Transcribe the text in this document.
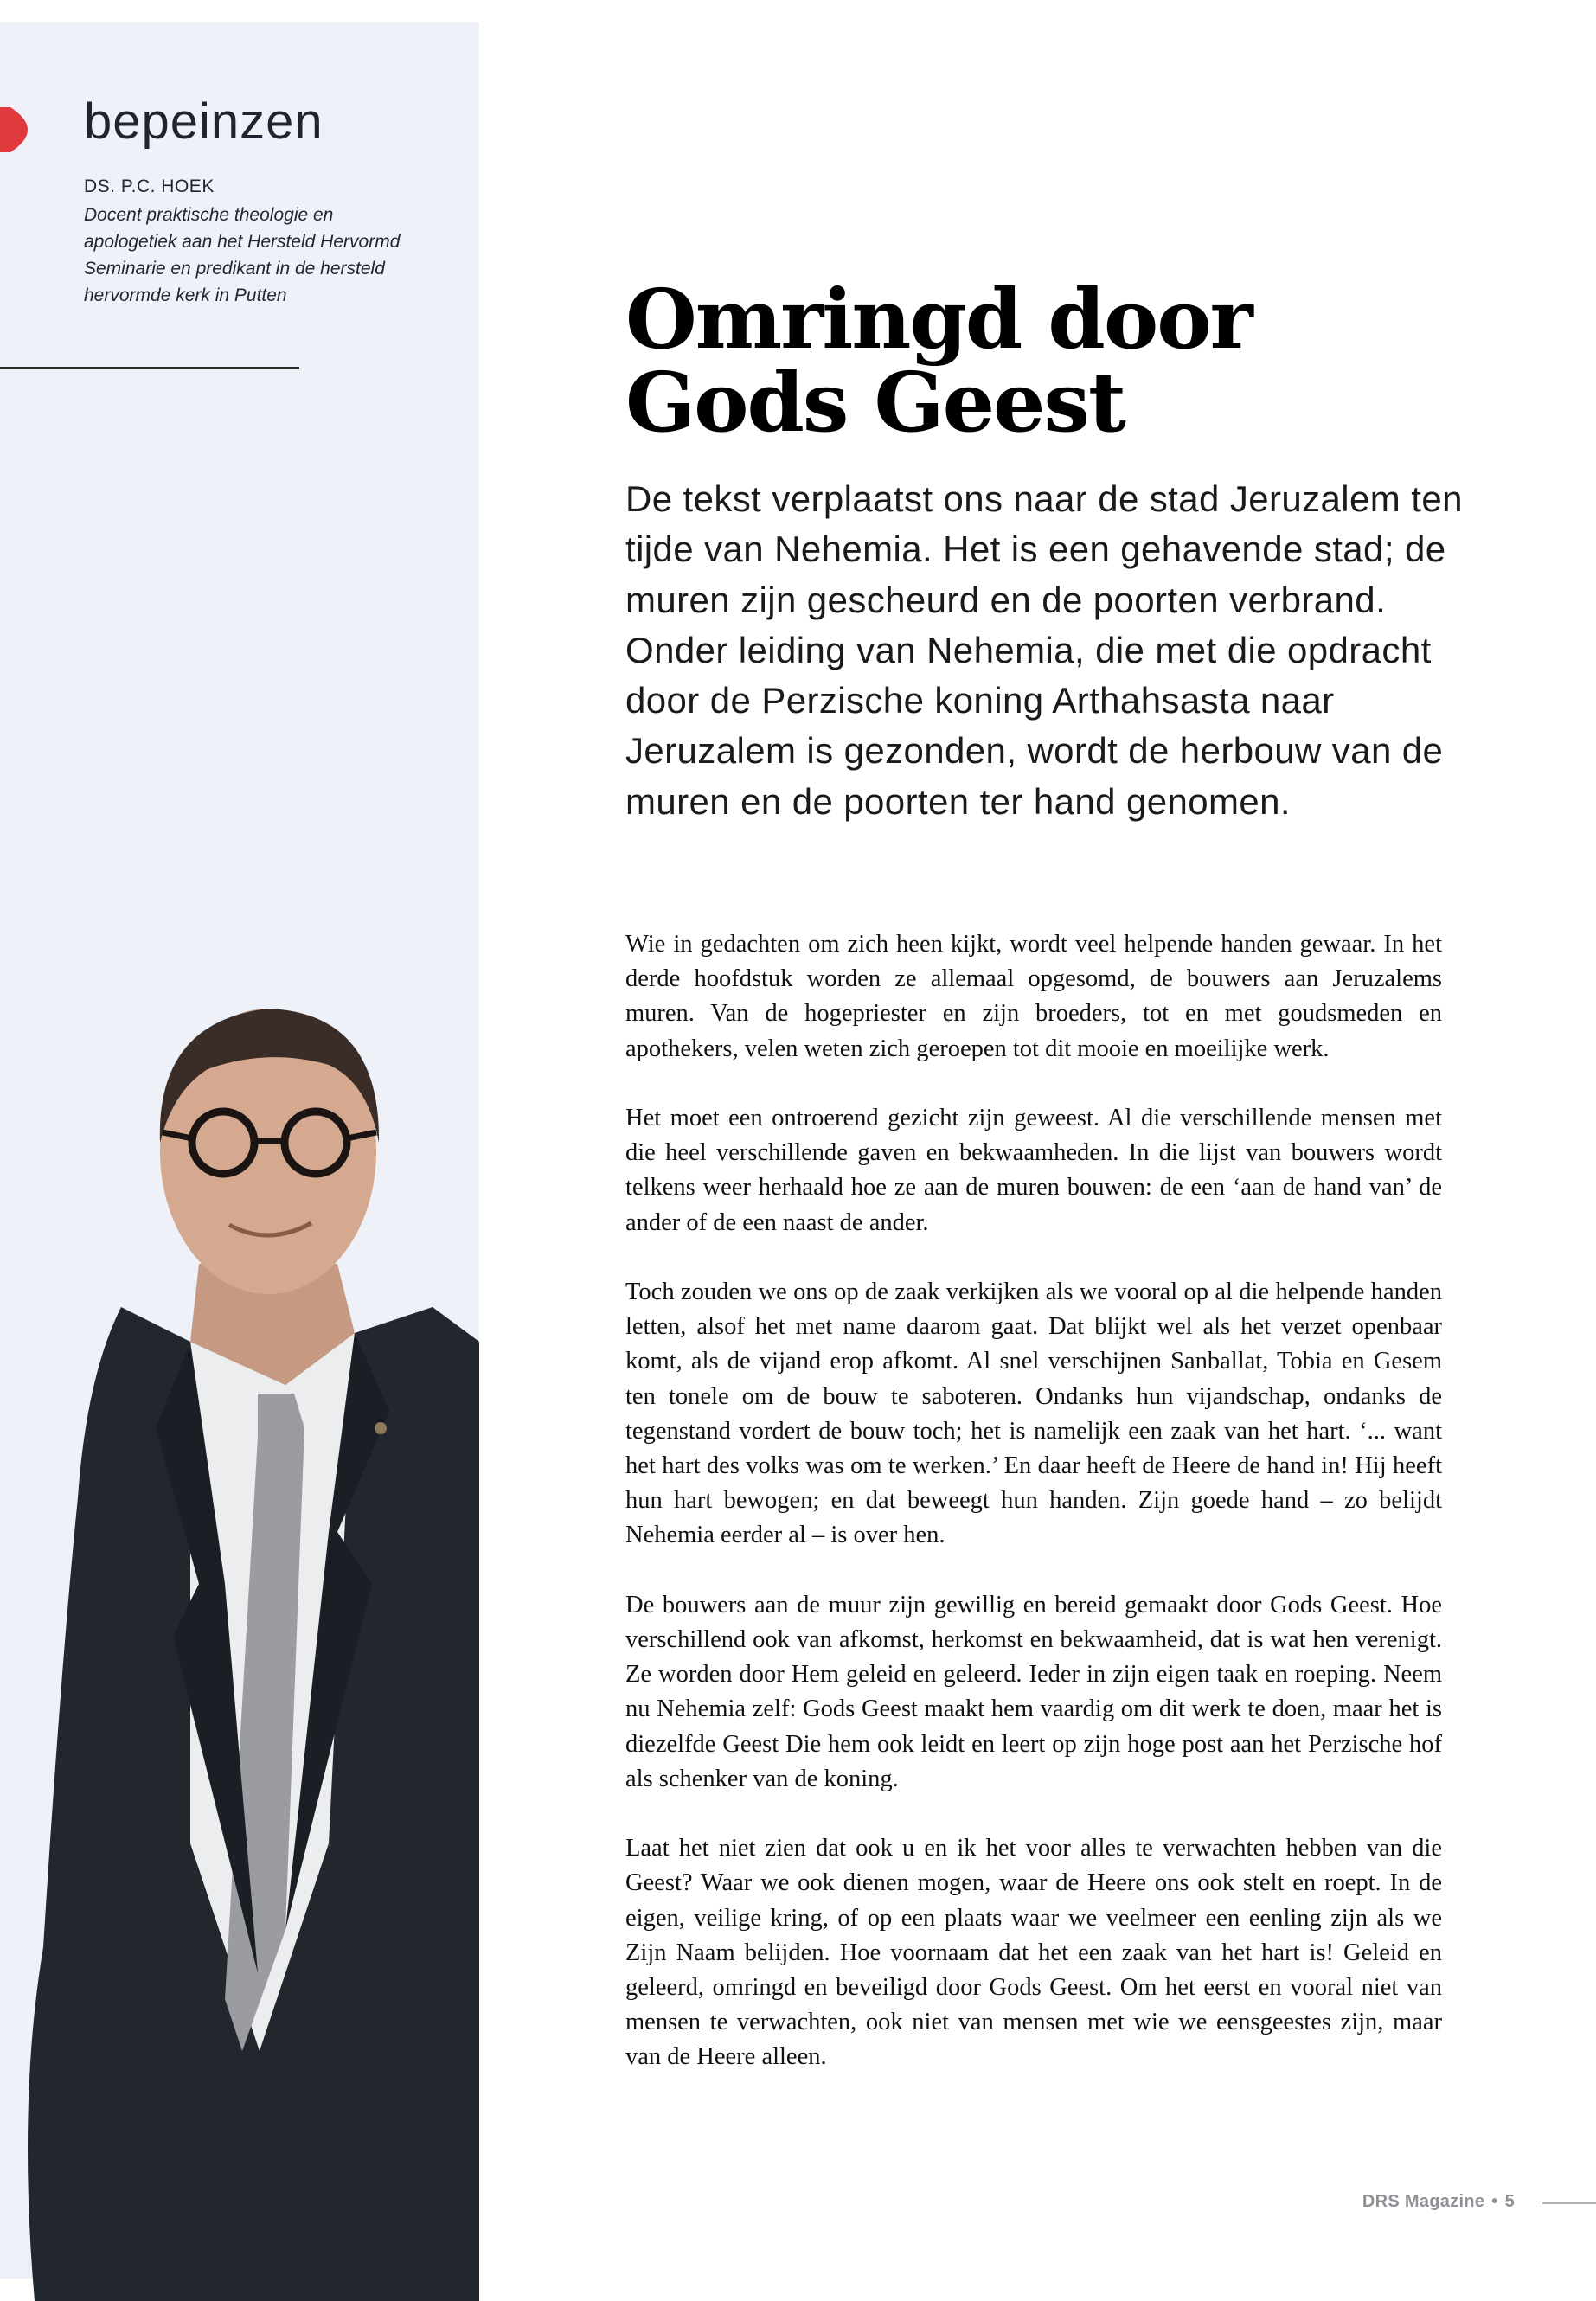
bepeinzen
DS. P.C. HOEK
Docent praktische theologie en apologetiek aan het Hersteld Hervormd Seminarie en predikant in de hersteld hervormde kerk in Putten	Omringd door Gods Geest
De tekst verplaatst ons naar de stad Jeruzalem ten tijde van Nehemia. Het is een gehavende stad; de muren zijn gescheurd en de poorten verbrand. Onder leiding van Nehemia, die met die opdracht door de Perzische koning Arthahsasta naar Jeruzalem is gezonden, wordt de herbouw van de muren en de poorten ter hand genomen.

Wie in gedachten om zich heen kijkt, wordt veel helpende handen gewaar. In het derde hoofdstuk worden ze allemaal opgesomd, de bouwers aan Jeruzalems muren. Van de hogepriester en zijn broeders, tot en met goudsmeden en apothekers, velen weten zich geroepen tot dit mooie en moeilijke werk.

Het moet een ontroerend gezicht zijn geweest. Al die verschillende mensen met die heel verschillende gaven en bekwaamheden. In die lijst van bouwers wordt telkens weer herhaald hoe ze aan de muren bouwen: de een ‘aan de hand van’ de ander of de een naast de ander.

Toch zouden we ons op de zaak verkijken als we vooral op al die helpende handen letten, alsof het met name daarom gaat. Dat blijkt wel als het verzet openbaar komt, als de vijand erop afkomt. Al snel verschijnen Sanballat, Tobia en Gesem ten tonele om de bouw te saboteren. Ondanks hun vijandschap, ondanks de tegenstand vordert de bouw toch; het is namelijk een zaak van het hart. ‘... want het hart des volks was om te werken.’ En daar heeft de Heere de hand in! Hij heeft hun hart bewogen; en dat beweegt hun handen. Zijn goede hand – zo belijdt Nehemia eerder al – is over hen.

De bouwers aan de muur zijn gewillig en bereid gemaakt door Gods Geest. Hoe verschillend ook van afkomst, herkomst en bekwaamheid, dat is wat hen verenigt. Ze worden door Hem geleid en geleerd. Ieder in zijn eigen taak en roeping. Neem nu Nehemia zelf: Gods Geest maakt hem vaardig om dit werk te doen, maar het is diezelfde Geest Die hem ook leidt en leert op zijn hoge post aan het Perzische hof als schenker van de koning.

Laat het niet zien dat ook u en ik het voor alles te verwachten hebben van die Geest? Waar we ook dienen mogen, waar de Heere ons ook stelt en roept. In de eigen, veilige kring, of op een plaats waar we veelmeer een eenling zijn als we Zijn Naam belijden. Hoe voornaam dat het een zaak van het hart is! Geleid en geleerd, omringd en beveiligd door Gods Geest. Om het eerst en vooral niet van mensen te verwachten, ook niet van mensen met wie we eensgeestes zijn, maar van de Heere alleen.

DRS Magazine • 5
